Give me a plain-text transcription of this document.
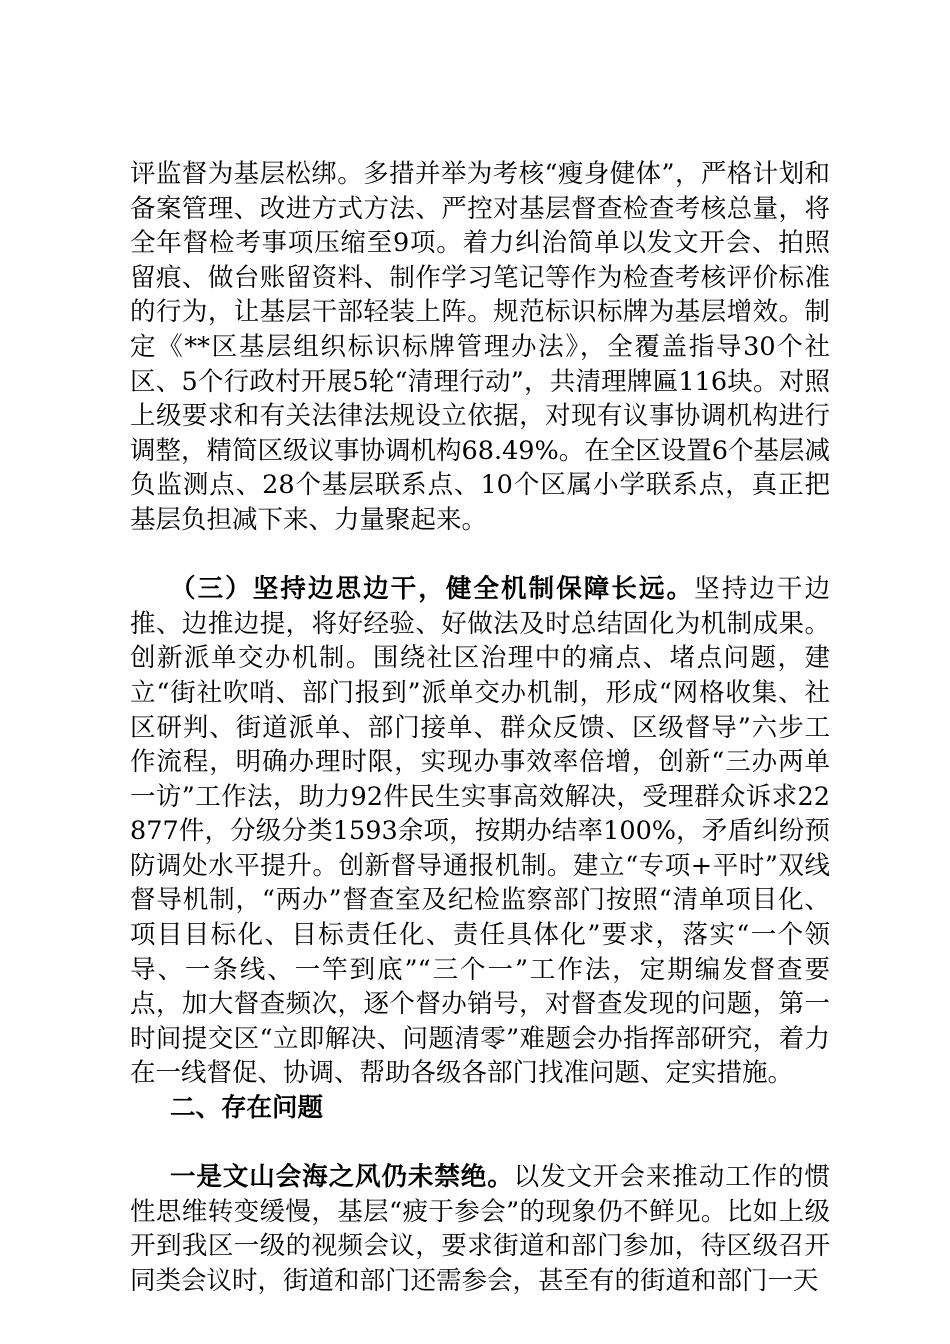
评监督为基层松绑。多措并举为考核“瘦身健体”，严格计划和备案管理、改进方式方法、严控对基层督查检查考核总量，将全年督检考事项压缩至9项。着力纠治简单以发文开会、拍照留痕、做台账留资料、制作学习笔记等作为检查考核评价标准的行为，让基层干部轻装上阵。规范标识标牌为基层增效。制定《**区基层组织标识标牌管理办法》，全覆盖指导30个社区、5个行政村开展5轮“清理行动”，共清理牌匾116块。对照上级要求和有关法律法规设立依据，对现有议事协调机构进行调整，精简区级议事协调机构68.49%。在全区设置6个基层减负监测点、28个基层联系点、10个区属小学联系点，真正把基层负担减下来、力量聚起来。

（三）坚持边思边干，健全机制保障长远。坚持边干边推、边推边提，将好经验、好做法及时总结固化为机制成果。创新派单交办机制。围绕社区治理中的痛点、堵点问题，建立“街社吹哨、部门报到”派单交办机制，形成“网格收集、社区研判、街道派单、部门接单、群众反馈、区级督导”六步工作流程，明确办理时限，实现办事效率倍增，创新“三办两单一访”工作法，助力92件民生实事高效解决，受理群众诉求22877件，分级分类1593余项，按期办结率100%，矛盾纠纷预防调处水平提升。创新督导通报机制。建立“专项+平时”双线督导机制，“两办”督查室及纪检监察部门按照“清单项目化、项目目标化、目标责任化、责任具体化”要求，落实“一个领导、一条线、一竿到底”“三个一”工作法，定期编发督查要点，加大督查频次，逐个督办销号，对督查发现的问题，第一时间提交区“立即解决、问题清零”难题会办指挥部研究，着力在一线督促、协调、帮助各级各部门找准问题、定实措施。

二、存在问题

一是文山会海之风仍未禁绝。以发文开会来推动工作的惯性思维转变缓慢，基层“疲于参会”的现象仍不鲜见。比如上级开到我区一级的视频会议，要求街道和部门参加，待区级召开同类会议时，街道和部门还需参会，甚至有的街道和部门一天
